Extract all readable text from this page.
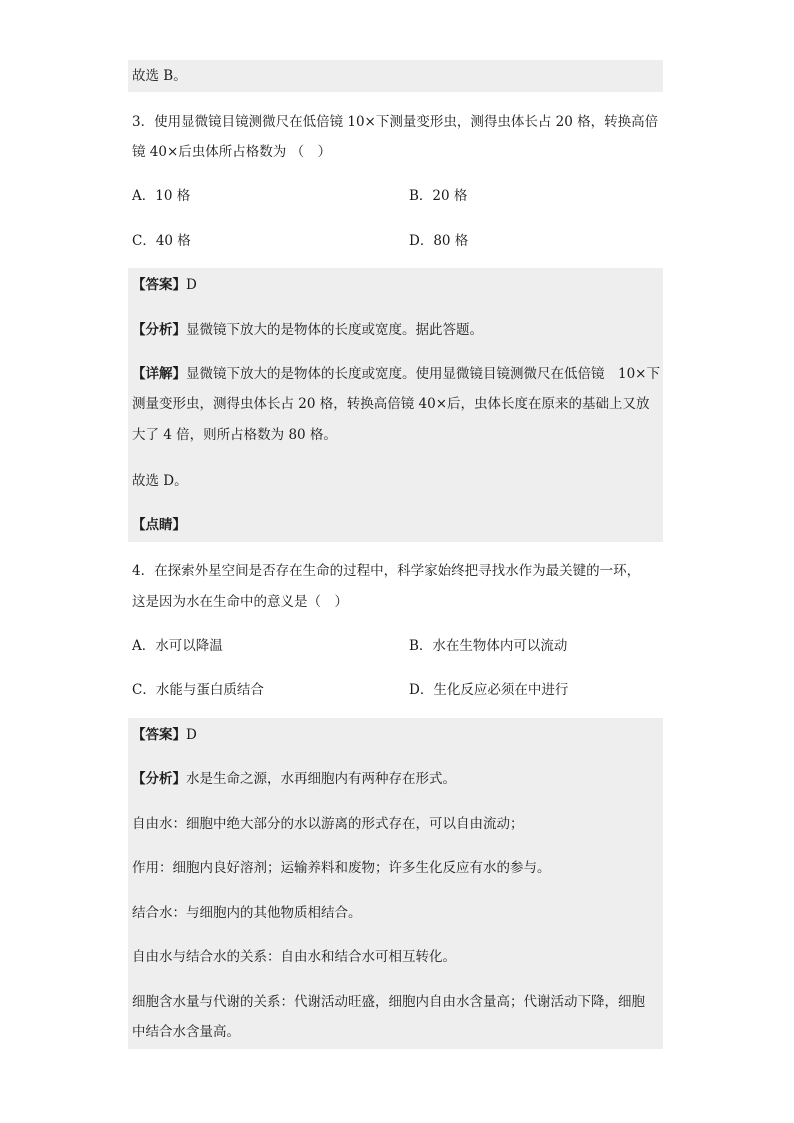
故选 B。
3．使用显微镜目镜测微尺在低倍镜 10×下测量变形虫，测得虫体长占 20 格，转换高倍
镜 40×后虫体所占格数为 （　）
A．10 格	B．20 格
C．40 格	D．80 格
【答案】D
【分析】显微镜下放大的是物体的长度或宽度。据此答题。
【详解】显微镜下放大的是物体的长度或宽度。使用显微镜目镜测微尺在低倍镜　10×下
测量变形虫，测得虫体长占 20 格，转换高倍镜 40×后，虫体长度在原来的基础上又放
大了 4 倍，则所占格数为 80 格。
故选 D。
【点睛】
4．在探索外星空间是否存在生命的过程中，科学家始终把寻找水作为最关键的一环，
这是因为水在生命中的意义是（　）
A．水可以降温	B．水在生物体内可以流动
C．水能与蛋白质结合	D．生化反应必须在中进行
【答案】D
【分析】水是生命之源，水再细胞内有两种存在形式。
自由水：细胞中绝大部分的水以游离的形式存在，可以自由流动；
作用：细胞内良好溶剂；运输养料和废物；许多生化反应有水的参与。
结合水：与细胞内的其他物质相结合。
自由水与结合水的关系：自由水和结合水可相互转化。
细胞含水量与代谢的关系：代谢活动旺盛，细胞内自由水含量高；代谢活动下降，细胞
中结合水含量高。
